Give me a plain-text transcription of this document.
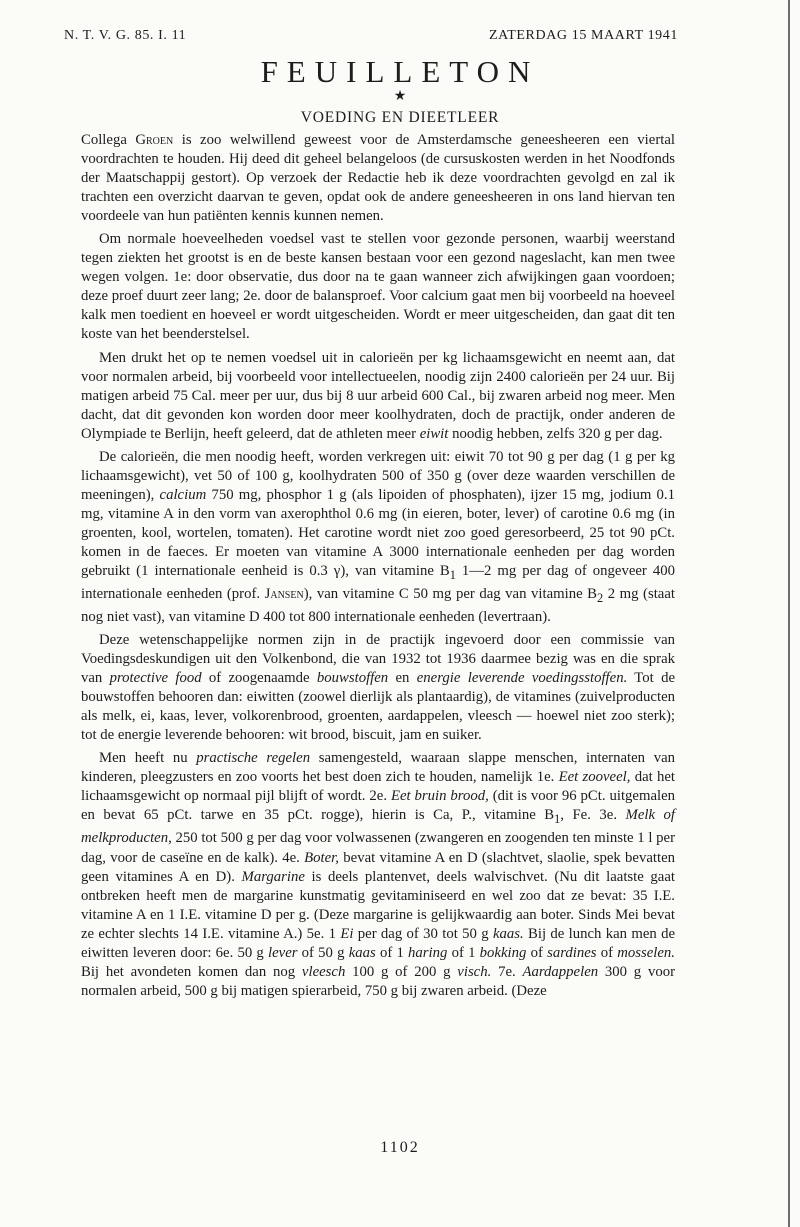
N. T. V. G. 85. I. 11	ZATERDAG 15 MAART 1941
FEUILLETON
★
VOEDING EN DIEETLEER

Collega Groen is zoo welwillend geweest voor de Amsterdamsche geneesheeren een viertal voordrachten te houden. Hij deed dit geheel belangeloos (de cursuskosten werden in het Noodfonds der Maatschappij gestort). Op verzoek der Redactie heb ik deze voordrachten gevolgd en zal ik trachten een overzicht daarvan te geven, opdat ook de andere geneesheeren in ons land hiervan ten voordeele van hun patiënten kennis kunnen nemen.

Om normale hoeveelheden voedsel vast te stellen voor gezonde personen, waarbij weerstand tegen ziekten het grootst is en de beste kansen bestaan voor een gezond nageslacht, kan men twee wegen volgen. 1e: door observatie, dus door na te gaan wanneer zich afwijkingen gaan voordoen; deze proef duurt zeer lang; 2e. door de balansproef. Voor calcium gaat men bij voorbeeld na hoeveel kalk men toedient en hoeveel er wordt uitgescheiden. Wordt er meer uitgescheiden, dan gaat dit ten koste van het beenderstelsel.

Men drukt het op te nemen voedsel uit in calorieën per kg lichaamsgewicht en neemt aan, dat voor normalen arbeid, bij voorbeeld voor intellectueelen, noodig zijn 2400 calorieën per 24 uur. Bij matigen arbeid 75 Cal. meer per uur, dus bij 8 uur arbeid 600 Cal., bij zwaren arbeid nog meer. Men dacht, dat dit gevonden kon worden door meer koolhydraten, doch de practijk, onder anderen de Olympiade te Berlijn, heeft geleerd, dat de athleten meer eiwit noodig hebben, zelfs 320 g per dag.

De calorieën, die men noodig heeft, worden verkregen uit: eiwit 70 tot 90 g per dag (1 g per kg lichaamsgewicht), vet 50 of 100 g, koolhydraten 500 of 350 g (over deze waarden verschillen de meeningen), calcium 750 mg, phosphor 1 g (als lipoiden of phosphaten), ijzer 15 mg, jodium 0.1 mg, vitamine A in den vorm van axerophthol 0.6 mg (in eieren, boter, lever) of carotine 0.6 mg (in groenten, kool, wortelen, tomaten). Het carotine wordt niet zoo goed geresorbeerd, 25 tot 90 pCt. komen in de faeces. Er moeten van vitamine A 3000 internationale eenheden per dag worden gebruikt (1 internationale eenheid is 0.3 γ), van vitamine $B_1$ 1—2 mg per dag of ongeveer 400 internationale eenheden (prof. Jansen), van vitamine C 50 mg per dag van vitamine $B_2$ 2 mg (staat nog niet vast), van vitamine D 400 tot 800 internationale eenheden (levertraan).

Deze wetenschappelijke normen zijn in de practijk ingevoerd door een commissie van Voedingsdeskundigen uit den Volkenbond, die van 1932 tot 1936 daarmee bezig was en die sprak van protective food of zoogenaamde bouwstoffen en energie leverende voedingsstoffen. Tot de bouwstoffen behooren dan: eiwitten (zoowel dierlijk als plantaardig), de vitamines (zuivelproducten als melk, ei, kaas, lever, volkorenbrood, groenten, aardappelen, vleesch — hoewel niet zoo sterk); tot de energie leverende behooren: wit brood, biscuit, jam en suiker.

Men heeft nu practische regelen samengesteld, waaraan slappe menschen, internaten van kinderen, pleegzusters en zoo voorts het best doen zich te houden, namelijk 1e. Eet zooveel, dat het lichaamsgewicht op normaal pijl blijft of wordt. 2e. Eet bruin brood, (dit is voor 96 pCt. uitgemalen en bevat 65 pCt. tarwe en 35 pCt. rogge), hierin is Ca, P., vitamine $B_1$, Fe. 3e. Melk of melkproducten, 250 tot 500 g per dag voor volwassenen (zwangeren en zoogenden ten minste 1 l per dag, voor de caseïne en de kalk). 4e. Boter, bevat vitamine A en D (slachtvet, slaolie, spek bevatten geen vitamines A en D). Margarine is deels plantenvet, deels walvischvet. (Nu dit laatste gaat ontbreken heeft men de margarine kunstmatig gevitaminiseerd en wel zoo dat ze bevat: 35 I.E. vitamine A en 1 I.E. vitamine D per g. (Deze margarine is gelijkwaardig aan boter. Sinds Mei bevat ze echter slechts 14 I.E. vitamine A.) 5e. 1 Ei per dag of 30 tot 50 g kaas. Bij de lunch kan men de eiwitten leveren door: 6e. 50 g lever of 50 g kaas of 1 haring of 1 bokking of sardines of mosselen. Bij het avondeten komen dan nog vleesch 100 g of 200 g visch. 7e. Aardappelen 300 g voor normalen arbeid, 500 g bij matigen spierarbeid, 750 g bij zwaren arbeid. (Deze

1102
